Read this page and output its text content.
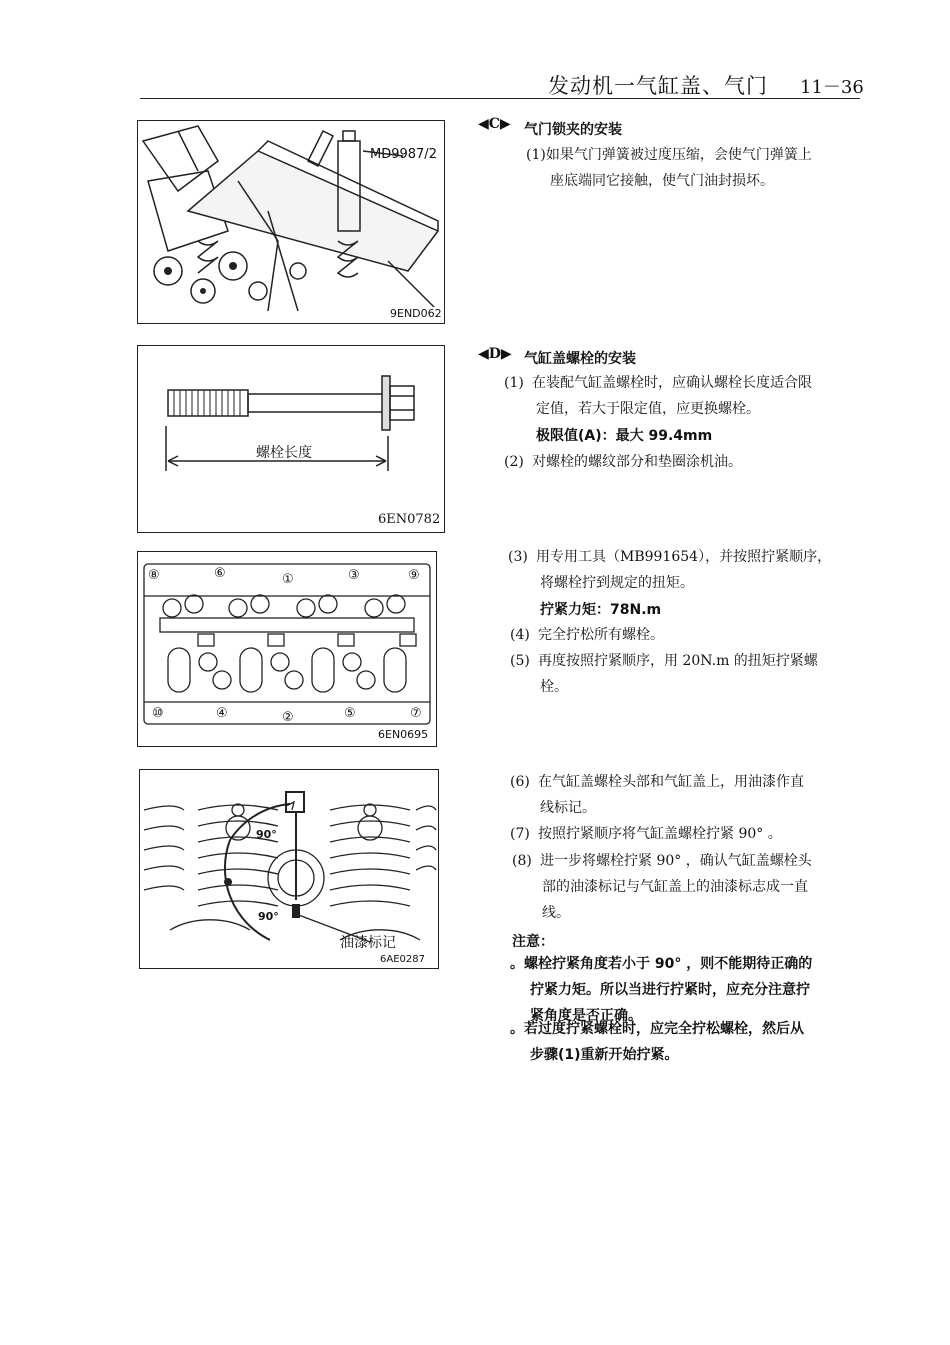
发动机一气缸盖、气门 11－36
MD9987/2
9END062
◀C▶ 气门锁夹的安装
(1)如果气门弹簧被过度压缩，会使气门弹簧上
座底端同它接触，使气门油封损坏。
螺栓长度
6EN0782
◀D▶ 气缸盖螺栓的安装
(1) 在装配气缸盖螺栓时，应确认螺栓长度适合限
定值，若大于限定值，应更换螺栓。
极限值(A)：最大 99.4mm
(2) 对螺栓的螺纹部分和垫圈涂机油。
⑧	⑥	①	③	⑨
⑩	④	②	⑤	⑦
6EN0695
(3) 用专用工具（MB991654），并按照拧紧顺序，
将螺栓拧到规定的扭矩。
拧紧力矩：78N.m
(4) 完全拧松所有螺栓。
(5) 再度按照拧紧顺序，用 20N.m 的扭矩拧紧螺
栓。
90°
90°
油漆标记
6AE0287
(6) 在气缸盖螺栓头部和气缸盖上，用油漆作直
线标记。
(7) 按照拧紧顺序将气缸盖螺栓拧紧 90° 。
(8) 进一步将螺栓拧紧 90° ，确认气缸盖螺栓头
部的油漆标记与气缸盖上的油漆标志成一直
线。
注意：
。螺栓拧紧角度若小于 90° ，则不能期待正确的
拧紧力矩。所以当进行拧紧时，应充分注意拧
紧角度是否正确。
。若过度拧紧螺栓时，应完全拧松螺栓，然后从
步骤(1)重新开始拧紧。
